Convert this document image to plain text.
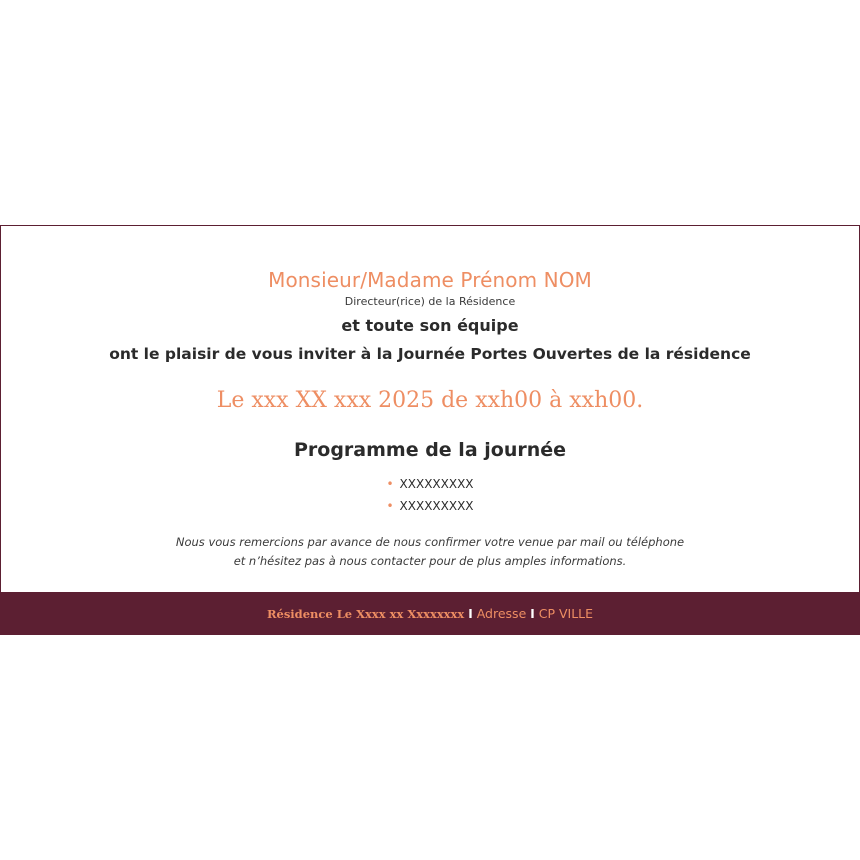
Monsieur/Madame Prénom NOM
Directeur(rice) de la Résidence
et toute son équipe
ont le plaisir de vous inviter à la Journée Portes Ouvertes de la résidence
Le xxx XX xxx 2025 de xxh00 à xxh00.
Programme de la journée
• XXXXXXXXX
• XXXXXXXXX
Nous vous remercions par avance de nous confirmer votre venue par mail ou téléphone
et n’hésitez pas à nous contacter pour de plus amples informations.
Résidence Le Xxxx xx Xxxxxxxx I Adresse I CP VILLE
